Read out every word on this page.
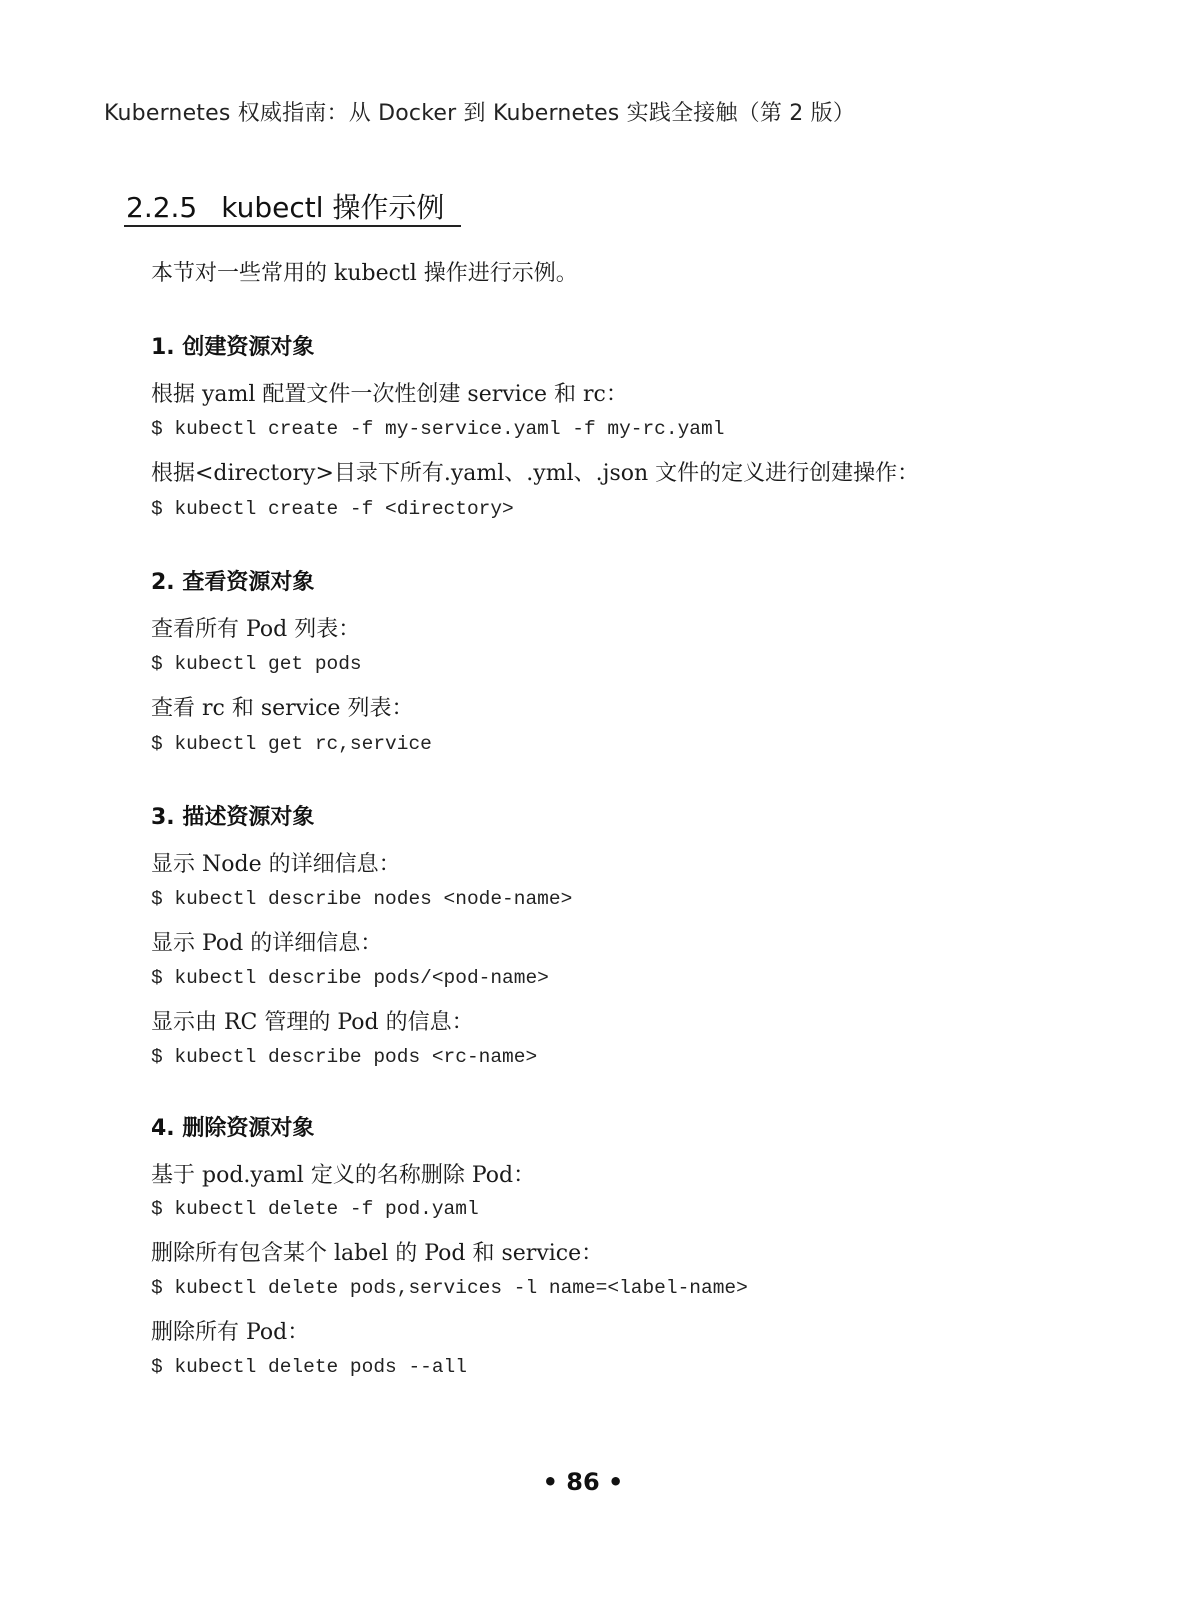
Kubernetes 权威指南：从 Docker 到 Kubernetes 实践全接触（第 2 版）
2.2.5 kubectl 操作示例
本节对一些常用的 kubectl 操作进行示例。
1. 创建资源对象
根据 yaml 配置文件一次性创建 service 和 rc：
$ kubectl create -f my-service.yaml -f my-rc.yaml
根据<directory>目录下所有.yaml、.yml、.json 文件的定义进行创建操作：
$ kubectl create -f <directory>
2. 查看资源对象
查看所有 Pod 列表：
$ kubectl get pods
查看 rc 和 service 列表：
$ kubectl get rc,service
3. 描述资源对象
显示 Node 的详细信息：
$ kubectl describe nodes <node-name>
显示 Pod 的详细信息：
$ kubectl describe pods/<pod-name>
显示由 RC 管理的 Pod 的信息：
$ kubectl describe pods <rc-name>
4. 删除资源对象
基于 pod.yaml 定义的名称删除 Pod：
$ kubectl delete -f pod.yaml
删除所有包含某个 label 的 Pod 和 service：
$ kubectl delete pods,services -l name=<label-name>
删除所有 Pod：
$ kubectl delete pods --all
• 86 •
